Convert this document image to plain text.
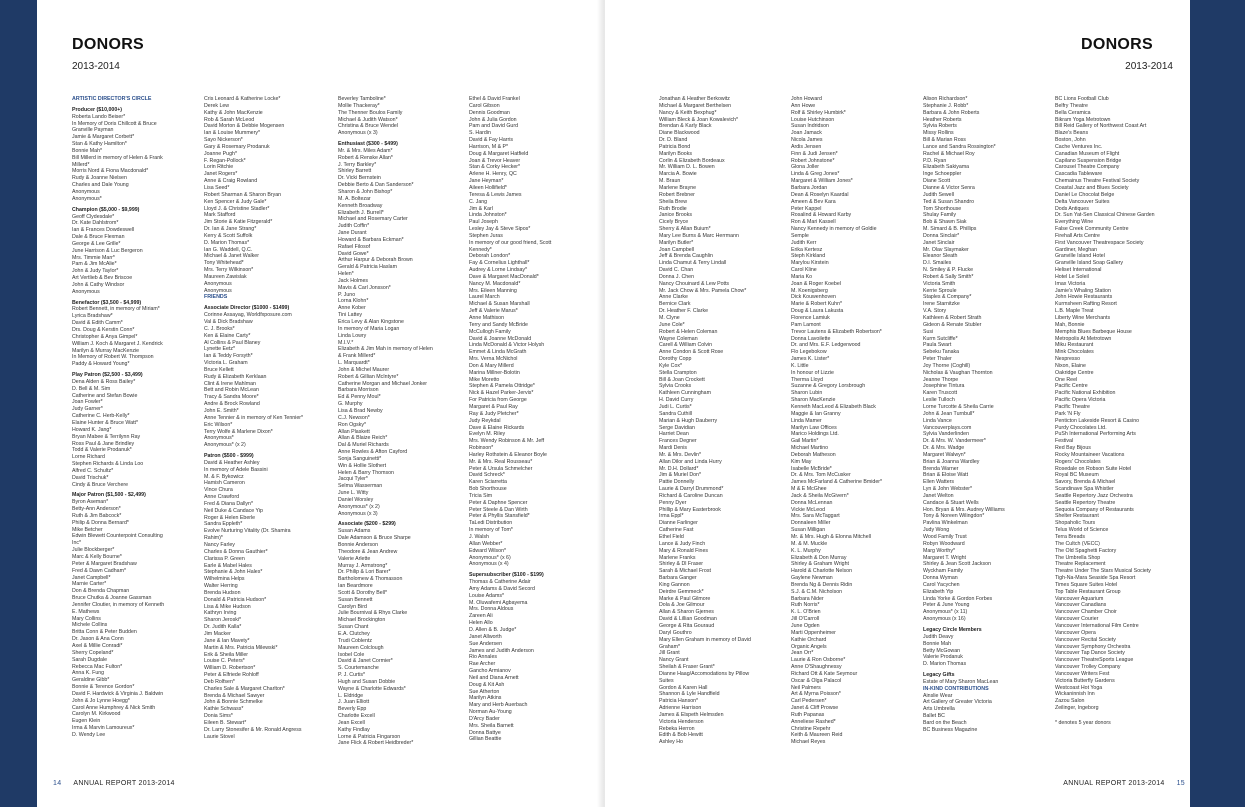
DONORS
2013-2014
ARTISTIC DIRECTOR'S CIRCLE
Producer ($10,000+)
Roberta Lando Beiser*
In Memory of Doris Chillcott & Bruce
Granville Payman
Jamie & Margaret Corbett*
Stan & Kathy Hamilton*
Bonnie Mah*
Bill Millerd in memory of Helen & Frank
Millerd*
Morris Nord & Fiona Macdonald*
Rudy & Joanne Nielsen
Charles and Dale Young
Anonymous
Anonymous*
Champion ($5,000 - $9,999)
Geoff Clydesdale*
Dr. Kate Dahlstrom*
Ian & Frances Dowdeswell
Dale & Bruce Flexman
George & Lee Grille*
June Harrison & Luc Bergeron
Mrs. Timmie Marr*
Pam & Jim McAlie*
John & Judy Taylor*
Art Vertlieb & Bev Briscoe
John & Cathy Windsor
Anonymous
Benefactor ($3,500 - $4,999)
Robert Bennett, in memory of Miriam*
Lyrica Bradshaw*
David & Edith Camm*
Drs. Doug & Kerstin Conn*
Christopher & Anya Gimpel*
William J. Koch & Margaret J. Kendrick
Marilyn & Murray MacKenzie
In Memory of Robert W. Thompson
Paddy & Howard Young*
Play Patron ($2,500 - $3,499)
Dena Alden & Ross Bailey*
D. Bell & M. Sim
Catherine and Stefan Bowie
Joan Fowler*
Judy Garner*
Catherine C. Herb-Kelly*
Elaine Hunter & Bruce Watt*
Howard K. Jang*
Bryan Mabee & Terrilynn Ray
Ross Paul & Jane Brindley
Todd & Valerie Prodanuk*
Lorne Richard
Stephen Richards & Linda Loo
Alfred C. Schultz*
David Trischuk*
Cindy & Bruce Verchere
Major Patron ($1,500 - $2,499)
Byron Aseman*
Betty-Ann Anderson*
Ruth & Jim Babcock*
Philip & Donna Bernard*
Mike Betcher
Edwin Blewett Counterpoint Consulting
Inc*
Julie Blockberger*
Marc & Kelly Bourne*
Peter & Margaret Bradshaw
Fred & Dawn Cadham*
Janet Campbell*
Marnie Carter*
Don & Brenda Chapman
Bruce Chutka & Joanne Gassman
Jennifer Cloutier, in memory of Kenneth
E. Mathews
Mary Collins
Michele Collins
Britta Conn & Peter Budden
Dr. Jason & Ana Conn
Axel & Millie Conradi*
Sherry Copeland*
Sarah Dugdale
Rebecca Mac Fulton*
Anna K. Fung
Geraldine Gibb*
Bonnie & Terence Gordon*
David F. Hardwick & Virginia J. Baldwin
John & Jo Lynne Hoegg*
Carol Anne Humphrey & Nick Smith
Carolyn M. Kirkwood
Eugen Klein
Irma & Marvin Lamoureux*
D. Wendy Lee
Cris Leonard & Katherine Locke*
Derek Lew
Kathy & John MacKenzie
Rob & Sarah McLeod
David Morton & Debbie Mogensen
Ian & Louise Mummery*
Sayo Nickerson*
Gary & Rosemary Prodanuk
Joanne Pugh*
F. Regan-Pollock*
Lorin Ritchie
Janet Rogers*
Anne & Craig Rowland
Lisa Seed*
Robert Sharman & Sharon Bryan
Ken Spencer & Judy Gale*
Lloyd J. & Christine Stadler*
Mark Stafford
Jim Storie & Katie Fitzgerald*
Dr. Ian & Jane Strang*
Kerry & Scott Suffolk
D. Marion Thomas*
Ian G. Waddell, Q.C.
Michael & Janet Walker
Tony Whitehead*
Mrs. Terry Wilkinson*
Maureen Zawislak
Anonymous
Anonymous
FRIENDS
Associate Director ($1000 - $1499)
Corinne Assayag, Worldfxposure.com
Val & Dick Bradshaw
C. J. Brooks*
Ken & Elaine Carty*
Al Collins & Paul Blaney
Lynette Eetz*
Ian & Teddy Forsyth*
Victoria L. Graham
Bruce Kellett
Rudy & Elizabeth Kerklaan
Clint & Irene Mahlman
Bett and Robin McLean
Tracy & Sandra Moore*
Andre & Brock Rowland
John E. Smith*
Anne Tennier & in memory of Ken Tennier*
Eric Wilson*
Terry Wolfe & Marlene Dixon*
Anonymous*
Anonymous* (x 2)
Patron ($500 - $999)
David & Heather Ashley
In memory of Adele Bassini
M. & F. Bykowicz
Hamish Cameron
Vince Chura
Anne Crawford
Fred & Diana Dallyn*
Neil Duke & Candace Yip
Roger & Helen Eberle
Sandra Eppleth*
Evolve Nurturing Vitality (Dr. Shamira
Rahim)*
Nancy Farley
Charles & Donna Gauthier*
Clarissa P. Green
Earle & Mabel Hales
Stephanie & John Hales*
Wilhelmina Helps
Walter Herring
Brenda Hudson
Donald & Patricia Hudson*
Lisa & Mike Hudson
Kathryn Irving
Sharon Jeroski*
Dr. Judith Kalla*
Jim Macker
Jane & Ian Mavety*
Martin & Mrs. Patricia Milewski*
Erik & Sheila Miller
Louise C. Peters*
William D. Robertson*
Peter & Elfriede Rohloff
Deb Rolfsen*
Charles Sale & Margaret Charlton*
Brenda & Michael Sawyer
John & Bonnie Schmelke
Kathie Schwass*
Donia Sims*
Eileen B. Stewart*
Dr. Larry Stonesifer & Mr. Ronald Angress
Laurie Stovel
Beverley Tamboline*
Mollie Thackeray*
The Thenner Boulos Family
Michael & Judith Watson*
Christina & Bruce Wendel
Anonymous (x 3)
Enthusiast ($300 - $499)
Mr. & Mrs. Miles Adam*
Robert & Renske Allan*
J. Terry Barkley*
Shirley Barrett
Dr. Vicki Bernstein
Debbie Berto & Dan Sanderson*
Sharon & John Bishop*
M. A. Boltezar
Kenneth Broadway
Elizabeth J. Burrell*
Michael and Rosemary Carter
Judith Coffin*
Jane Durant
Howard & Barbara Eckman*
Rafael Filosof
David Gowe*
Arthur Harpur & Deborah Brown
Gerald & Patricia Haslam
Helen*
Jack Holmes
Mavis & Carl Jonsson*
P. Juno
Lorna Klohn*
Anne Kober
Tini Lattey
Erica Levy & Alan Kingstone
In memory of Maria Logan
Linda Lowry
M.I.V.*
Elizabeth & Jim Mah in memory of Helen
& Frank Millerd*
L. Marquardt*
John & Michel Maurer
Robert & Gillian McIntyre*
Catherine Morgan and Michael Jonker
Barbara Morrison
Ed & Penny Moul*
G. Murphy
Lisa & Brad Newby
C.J. Newson*
Ron Ogsky*
Allan Plaskett
Allan & Blaize Reich*
Dal & Muriel Richards
Anne Rowles & Afton Cayford
Sonja Sanguinetti*
Win & Hollie Slothert
Helen & Barry Thomson
Jacqui Tyler*
Selma Wasserman
June L. Witty
Daniel Worsley
Anonymous* (x 2)
Anonymous (x 3)
Associate ($200 - $299)
Susan Adams
Dale Adamson & Bruce Sharpe
Bonnie Anderson
Theodore & Jean Andrew
Valerie Arlette
Murray J. Armstrong*
Dr. Philip & Lori Barer*
Bartholomew & Thomasson
Ian Beardmore
Scott & Dorothy Bell*
Susan Bennett
Carolyn Bird
Julie Bournival & Rhys Clarke
Michael Brockington
Susan Chant
E.A. Clutchey
Trudi Coblentz
Maureen Colclough
Isobel Cole
David & Janet Cormier*
S. Courtemanche
P. J. Curtis*
Hugh and Susan Dobbie
Wayne & Charlotte Edwards*
L. Eldridge
J. Juan Elliott
Beverly Epp
Charlotte Excell
Jean Excell
Kathy Findlay
Lorne & Patricia Fingarson
Jane Flick & Robert Heidbreder*
Ethel & David Frankel
Carol Gibson
Dennis Goodman
John & Julia Gordon
Pam and David Gurd
S. Hardin
David & Fay Harris
Harrison, M & P*
Doug & Margaret Hatfield
Joan & Trevor Heaver
Stan & Corky Hecker*
Arlene H. Henry, QC
Jane Heyman*
Aileen Hollifield*
Teresa & Lewis James
C. Jang
Jim & Karl
Linda Johnston*
Paul Joseph
Lesley Jay & Steve Sipos*
Stephen Juras
In memory of our good friend, Scott
Kennedy*
Deborah London*
Fay & Cornelius Lighthall*
Audrey & Lorne Lindsay*
Dave & Margaret MacDonald*
Nancy M. Macdonald*
Mrs. Eileen Manning
Laurel March
Michael & Susan Marshall
Jeff & Valerie Marus*
Anne Mathison
Terry and Sandy McBride
McCullogh Family
David & Joanne McDonald
Linda McDonald & Victor Holysh
Emmet & Linda McGrath
Mrs. Verna McNichol
Don & Mary Millerd
Marina Millner-Bolotin
Mike Moretto
Stephen & Pamela Ottridge*
Nick & Hazel Parker-Jervis*
For Patricia from George
Margaret & Paul Ray
Ray & Judy Pletcher*
Judy Reykdal
Dave & Elaine Rickards
Evelyn M. Riley
Mrs. Wendy Robinson & Mr. Jeff
Robinson*
Harley Rothstein & Eleanor Boyle
Mr. & Mrs. Real Rousseau*
Peter & Ursula Schmelcher
David Schreck*
Karen Sciarretta
Bob Shorthouse
Tricia Sim
Peter & Daphne Spencer
Peter Steele & Dan Wirth
Peter & Phyllis Stansfield*
TaLedi Distribution
In memory of Tom*
J. Walsh
Allan Webber*
Edward Wilson*
Anonymous* (x 6)
Anonymous (x 4)
Supersubscriber ($100 - $199)
Thomas & Catherine Adair
Amy Adams & David Secord
Louise Adams*
M. Oluwafemi Agbayema
Mrs. Donna Aldous
Zareen Ali
Helen Allo
D. Allen & B. Judge*
Janet Allworth
Sue Andersen
James and Judith Anderson
Rio Annales
Rae Archer
Gancho Armianov
Neil and Diana Arnett
Doug & Kit Ash
Sue Atherton
Marilyn Atkins
Mary and Herb Auerbach
Norman Au-Young
D'Arcy Bader
Mrs. Sheila Barnett
Donna Battye
Gillian Beattie
14 ANNUAL REPORT 2013-2014
DONORS
2013-2014
Jonathan & Heather Berkowitz
Michael & Margaret Berthelsen
Nancy & Keith Bexphug*
William Bleck & Joan Kowalevich*
Brendan & Karly Black
Diane Blackwood
Dr. D. Bland
Patricia Bond
Marilyn Books
Corlin & Elizabeth Bordeaux
Mr. William D. L. Bowen
Marcia A. Bowie
M. Braun
Marlene Brayne
Robert Brebner
Sheila Brew
Ruth Brodie
Janice Brooks
Cicely Bryce
Sherry & Allan Buium*
Mary Lee Burns & Marc Herrmann
Marilyn Butler*
Joan Campbell
Jeff & Brenda Caughlin
Linda Chamut & Terry Lindall
David C. Chan
Donna J. Chen
Nancy Chouinard & Lew Potts
Mr. Jack Chow & Mrs. Pamela Chow*
Anne Clarke
Bernice Clark
Dr. Heather F. Clarke
M. Clyne
June Cole*
Robert & Helen Coleman
Wayne Coleman
Carell & William Colvin
Anne Condon & Scott Rose
Dorothy Copp
Kyle Cox*
Stella Crampton
Bill & Joan Crockett
Sylvia Crooks
Kathleen Cunningham
H. David Curry
Judi L. Curtis*
Sandra Cuthill
Marian & Hugh Dauberry
Serge Davidian
Harriet Dean
Frances Degner
Mardi Denis
Mr. & Mrs. Devlin*
Allan Dilor and Linda Hurry
Mr. D.H. Dollard*
Jim & Muriel Don*
Pattie Donnelly
Laurie & Darryl Drummond*
Richard & Caroline Duncan
Penny Dyer
Phillip & Mary Easterbrook
Irma Eppl*
Dianne Farlinger
Catherine Fast
Ethel Field
Lance & Judy Finch
Mary & Ronald Fines
Marlene Franks
Shirley & Dl Fraser
Sarah & Michael Frost
Barbara Ganger
King Gannon
Deirdre Gemmeck*
Marke & Paul Gilmore
Dola & Joe Gilmour
Allan & Sharon Gjernes
David & Lillian Goodman
George & Rita Gouraud
Daryl Gouthro
Mary Ellen Graham in memory of David
Graham*
Jill Grant
Nancy Grant
Sheilah & Fraser Grant*
Dianne Haag/Accomodations by Pillow
Suites
Gordon & Karen Hall
Shannon & Lyle Handfield
Patricia Hanson*
Adrienne Harrison
James & Elspeth Helmsden
Victoria Henderson
Rebeka Herron
Edith & Bob Hewitt
Ashley Ho
John Howard
Ann Howe
Rolf & Shirley Humbirk*
Louise Hutchinson
Susan Indridson
Joan Jamack
Nicola James
Ardis Jensen
Finn & Judi Jensen*
Robert Johnstone*
Glona Joller
Linda & Greg Jones*
Margaret & William Jones*
Barbara Jordan
Dean & Roselyn Kaardal
Ameen & Bev Kara
Peter Kappel
Rosalind & Howard Karby
Ron & Mari Kassell
Nancy Kennedy in memory of Goldie
Semple
Judith Kerr
Erika Kertesz
Steph Kirkland
Marylou Kirstein
Carol Kline
Maria Ko
Joan & Roger Koebel
M. Koenigsberg
Dick Kouwenhoven
Marie & Robert Kuhn*
Doug & Laura Lakusta
Florence Lamiuk
Pam Lamont
Trevor Lautens & Elizabeth Robertson*
Donna Lavoilette
Dr. and Mrs. E.F. Ledgerwood
Flo Legebokow
James K. Lister*
K. Little
In honour of Lizzie
Therma Lloyd
Suzanne & Gregory Lorsbrough
Sharon Lubin
Sharon MacKenzie
Kenneth MacLeod & Elizabeth Black
Maggie & Ian Granny
Linda Mamer
Marilyn Law Offices
Marico Holdings Ltd.
Gail Martin*
Michael Martino
Deborah Matheson
Kim May
Isabelle McBride*
Dr. & Mrs. Tom McCusker
James McFarland & Catherine Bmider*
M & E McGhee
Jack & Sheila McGivern*
Donna McLennan
Vickie McLeod
Mrs. Sara McTaggart
Donnaleen Miller
Susan Milligan
Mr. & Mrs. Hugh & Elonna Mitchell
M. & M. Muckle
K. L. Murphy
Elizabeth & Don Murray
Shirley & Graham Wright
Harold & Charlotte Nelson
Gaylene Newman
Brenda Ng & Dennis Ridin
S.J. & C.M. Nicholson
Barbara Nider
Ruth Norris*
K. L. O'Brien
Jill O'Carroll
June Ogden
Marti Oppenheimer
Kathie Orchard
Organic Angels
Jean Orr*
Laurie & Ron Osborne*
Anne O'Shaughnessy
Richard Ott & Kate Seymour
Oscar & Olga Palacol
Neil Palmers
Art & Myrna Poisson*
Carl Pedersen*
Janet & Cliff Prowse
Ruth Papanas
Anneliese Rashed*
Christine Repehr
Keith & Maureen Reid
Michael Reyes
Alison Richardson*
Stephanie J. Robb*
Barbara & John Roberts
Heather Roberts
Sylvia Roberts
Missy Rollins
Bill & Marian Ross
Lance and Sandra Rossington*
Rachel & Michael Roy
P.D. Ryan
Elizabeth Sakiyama
Inge Schoeppler
Diane Scott
Dianne & Victor Senra
Judith Sewell
Ted & Susan Shandro
Tom Shorthouse
Shulay Family
Bob & Shawn Siak
M. Simard & B. Phillips
Donna Sinclair*
Janet Sinclair
Mr. Olav Slaymaker
Eleanor Sleath
D.I. Smailes
N. Smiley & P. Flucke
Robert & Sally Smith*
Victoria Smith
Kerrie Sproule
Staples & Company*
Irene Starnitzke
V.A. Story
Kathleen & Robert Strath
Gideon & Renate Stubler
Susi
Kurm Sutcliffe*
Paula Swart
Sebeku Tanaka
Peter Thaler
Joy Thorne (Coghill)
Nicholas & Vaughan Thornton
Jeanne Thorpe
Josephine Tintura
Karen Truscott
Leslie Tulloch
Lorne Turcotte & Sheila Carrie
John & Jean Turnbull*
Linda Vance
Vancouverplays.com
Sylvia Vanderlinden
Dr. & Mrs. W. Vandermeer*
Dr. & Mrs. Wadge
Margaret Walwyn*
Brian & Joanna Wardley
Brenda Warner
Brian & Eloise Watt
Ellen Watters
Lyn & John Webster*
Janet Welton
Candace & Stuart Wells
Hon. Bryan & Mrs. Audrey Williams
Tony & Noreen Wilingdon*
Pavlina Winkelman
Judy Wong
Wood Family Trust
Robyn Woodward
Marg Worthy*
Margaret T. Wright
Shirley & Jean Scott Jackson
Wyckham Family
Donna Wyman
Carol Yacychen
Elizabeth Yip
Linda Yorke & Gordon Forbes
Peter & June Young
Anonymous* (x 11)
Anonymous (x 16)
Legacy Circle Members
Judith Deavy
Bonnie Mah
Betty McGowan
Valerie Prodanuk
D. Marion Thomas
Legacy Gifts
Estate of Mary Sharon MacLean
IN-KIND CONTRIBUTIONS
Ainslie Wear
Art Gallery of Greater Victoria
Arts Umbrella
Ballet BC
Bard on the Beach
BC Business Magazine
BC Lions Football Club
Belfry Theatre
Bella Ceramica
Bikram Yoga Metrotown
Bill Reid Gallery of Northwest Coast Art
Blaze's Beans
Boston, John
Cache Ventures Inc.
Canadian Museum of Flight
Capilano Suspension Bridge
Carousel Theatre Company
Cascadia Tableware
Chemainus Theatre Festival Society
Coastal Jazz and Blues Society
Daniel Le Chocolat Belge
Delta Vancouver Suites
Dods Antiques
Dr. Sun Yat-Sen Classical Chinese Garden
Everything Wine
False Creek Community Centre
Firehall Arts Centre
First Vancouver Theatrespace Society
Gardiner, Meghan
Granville Island Hotel
Granville Island Soap Gallery
Heliset International
Hotel Le Soleil
Imax Victoria
Jamie's Whaling Station
John Howie Restaurants
Kurmsheen Rafting Resort
L.B. Maple Treat
Liberty Wine Merchants
Mah, Bonnie
Memphis Blues Barbeque House
Metropolis At Metrotown
Miku Restaurant
Mink Chocolates
Nespresso
Nixon, Elaine
Oakridge Centre
One Reel
Pacific Centre
Pacific National Exhibition
Pacific Opera Victoria
Pacific Theatre
Park 'N Fly
Penticton Lakeside Resort & Casino
Purdy Chocolates Ltd.
PuSh International Performing Arts
Festival
Red Bay Bijous
Rocky Mountaineer Vacations
Rogers' Chocolates
Rosedale on Robson Suite Hotel
Royal BC Museum
Savory, Brenda & Michael
Scandinave Spa Whistler
Seattle Repertory Jazz Orchestra
Seattle Repertory Theatre
Sequoia Company of Restaurants
Shelter Restaurant
Shopaholic Tours
Telus World of Science
Terra Breads
The Cultch (VECC)
The Old Spaghetti Factory
The Umbrella Shop
Theatre Replacement
Theatre Under The Stars Musical Society
Tigh-Na-Mara Seaside Spa Resort
Times Square Suites Hotel
Top Table Restaurant Group
Vancouver Aquarium
Vancouver Canadians
Vancouver Chamber Choir
Vancouver Courier
Vancouver International Film Centre
Vancouver Opera
Vancouver Recital Society
Vancouver Symphony Orchestra
Vancouver Tap Dance Society
Vancouver TheatreSports League
Vancouver Trolley Company
Vancouver Writers Fest
Victoria Butterfly Gardens
Westcoast Hot Yoga
Wickaninnish Inn
Zazou Salon
Zeilinger, Ingeborg
* denotes 5 year donors
ANNUAL REPORT 2013-2014 15
